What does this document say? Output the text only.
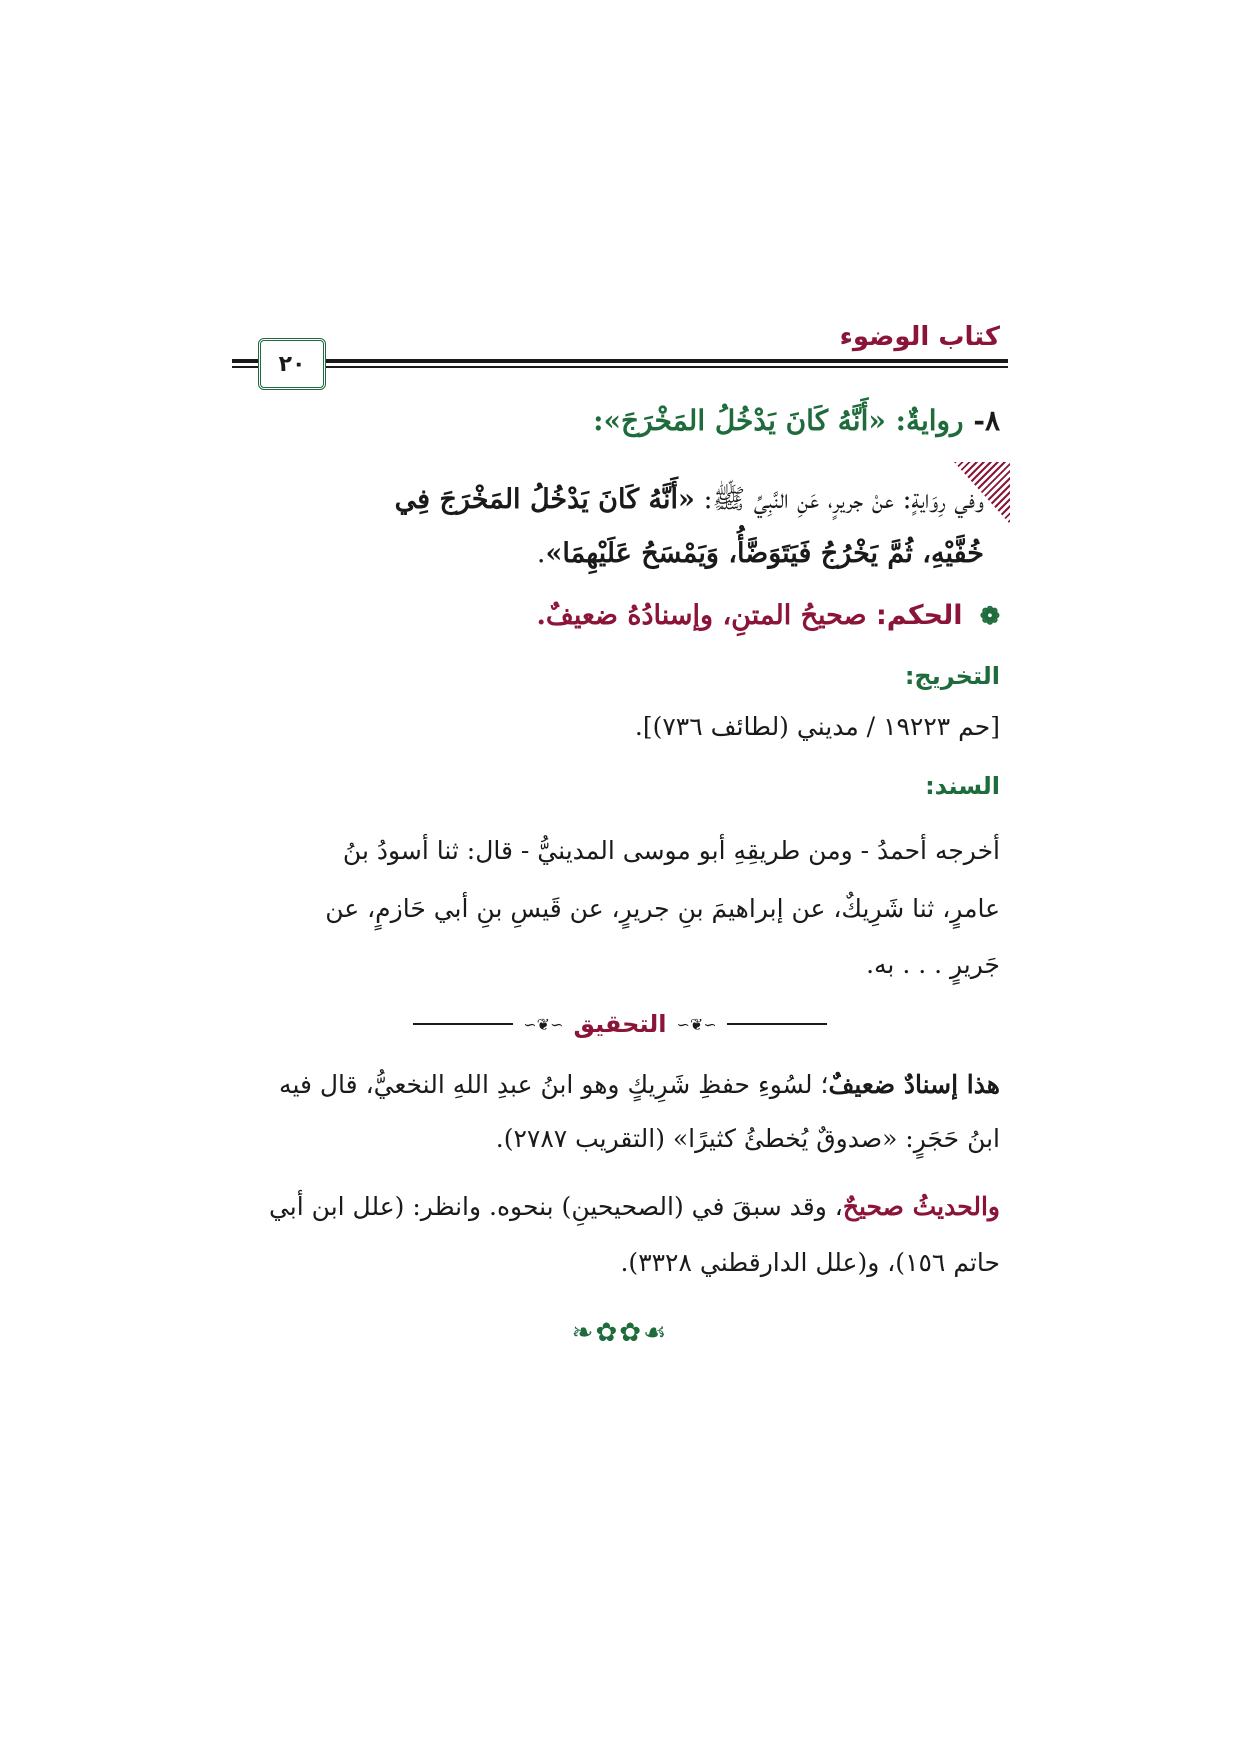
كتاب الوضوء
٢٠
٨- روايةٌ: «أَنَّهُ كَانَ يَدْخُلُ المَخْرَجَ»:
وفي رِوَايةٍ: عنْ جريرٍ، عَنِ النَّبِيِّ ﷺ: «أَنَّهُ كَانَ يَدْخُلُ المَخْرَجَ فِي
خُفَّيْهِ، ثُمَّ يَخْرُجُ فَيَتَوَضَّأُ، وَيَمْسَحُ عَلَيْهِمَا».
❁ الحكم: صحيحُ المتنِ، وإسنادُهُ ضعيفٌ.
التخريج:
[حم ١٩٢٢٣ / مديني (لطائف ٧٣٦)].
السند:
أخرجه أحمدُ - ومن طريقِهِ أبو موسى المدينيُّ - قال: ثنا أسودُ بنُ
عامرٍ، ثنا شَرِيكٌ، عن إبراهيمَ بنِ جريرٍ، عن قَيسِ بنِ أبي حَازمٍ، عن
جَريرٍ . . . به.
∽❦∽ التحقيق ∽❦∽
هذا إسنادٌ ضعيفٌ؛ لسُوءِ حفظِ شَرِيكٍ وهو ابنُ عبدِ اللهِ النخعيُّ، قال فيه
ابنُ حَجَرٍ: «صدوقٌ يُخطئُ كثيرًا» (التقريب ٢٧٨٧).
والحديثُ صحيحٌ، وقد سبقَ في (الصحيحينِ) بنحوه. وانظر: (علل ابن أبي
حاتم ١٥٦)، و(علل الدارقطني ٣٣٢٨).
❧✿✿☙
